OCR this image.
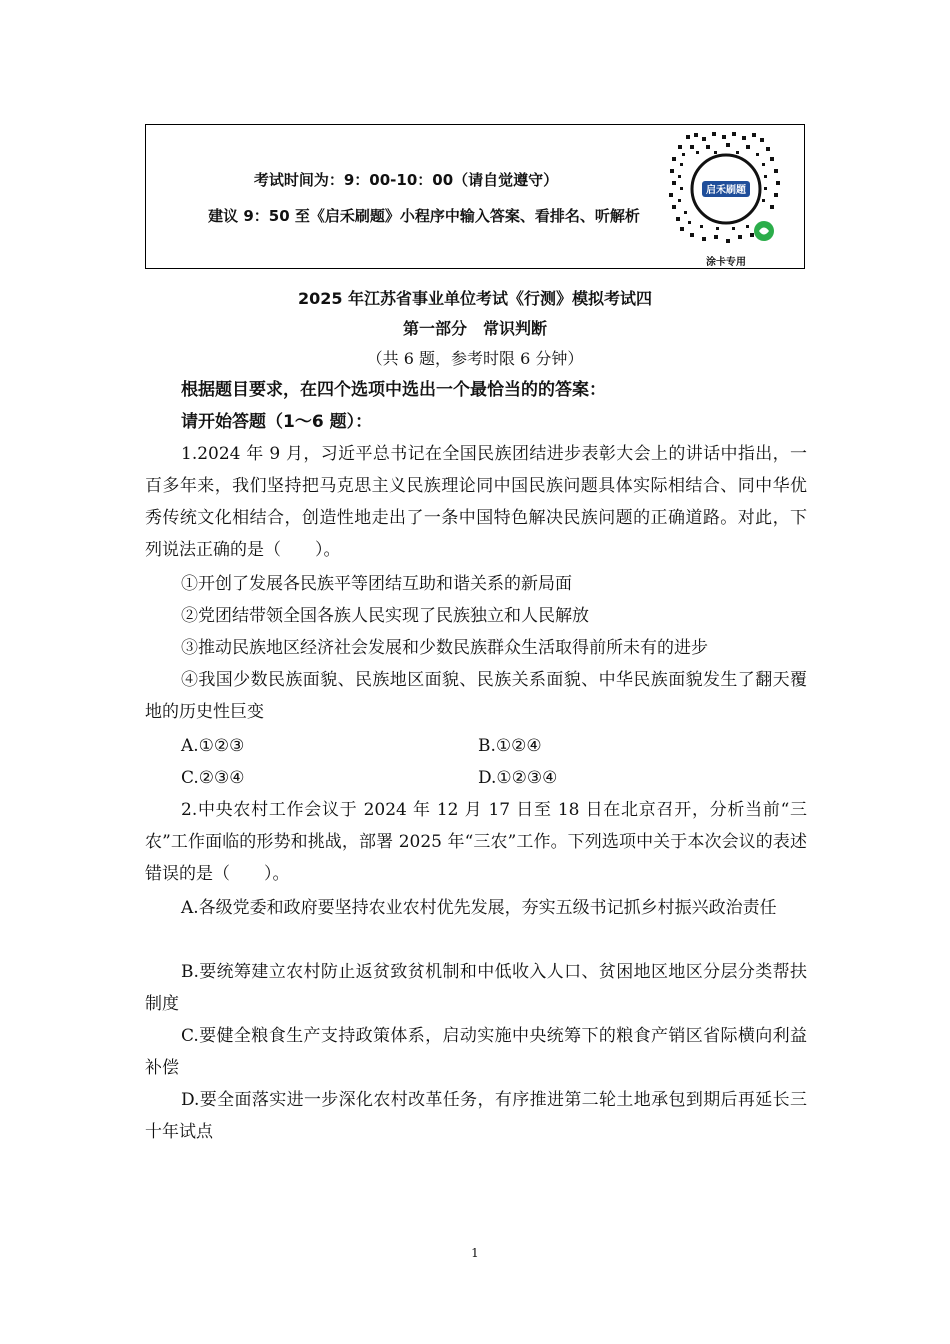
考试时间为：9：00-10：00（请自觉遵守）
建议 9：50 至《启禾刷题》小程序中输入答案、看排名、听解析
启禾刷题
涂卡专用
2025 年江苏省事业单位考试《行测》模拟考试四
第一部分　常识判断
（共 6 题，参考时限 6 分钟）
根据题目要求，在四个选项中选出一个最恰当的的答案：
请开始答题（1～6 题）：
1.2024 年 9 月，习近平总书记在全国民族团结进步表彰大会上的讲话中指出，一百多年来，我们坚持把马克思主义民族理论同中国民族问题具体实际相结合、同中华优秀传统文化相结合，创造性地走出了一条中国特色解决民族问题的正确道路。对此，下列说法正确的是（　　）。
①开创了发展各民族平等团结互助和谐关系的新局面
②党团结带领全国各族人民实现了民族独立和人民解放
③推动民族地区经济社会发展和少数民族群众生活取得前所未有的进步
④我国少数民族面貌、民族地区面貌、民族关系面貌、中华民族面貌发生了翻天覆地的历史性巨变
A.①②③	B.①②④
C.②③④	D.①②③④
2.中央农村工作会议于 2024 年 12 月 17 日至 18 日在北京召开，分析当前“三农”工作面临的形势和挑战，部署 2025 年“三农”工作。下列选项中关于本次会议的表述错误的是（　　）。
A.各级党委和政府要坚持农业农村优先发展，夯实五级书记抓乡村振兴政治责任
B.要统筹建立农村防止返贫致贫机制和中低收入人口、贫困地区地区分层分类帮扶制度
C.要健全粮食生产支持政策体系，启动实施中央统筹下的粮食产销区省际横向利益补偿
D.要全面落实进一步深化农村改革任务，有序推进第二轮土地承包到期后再延长三十年试点
1
